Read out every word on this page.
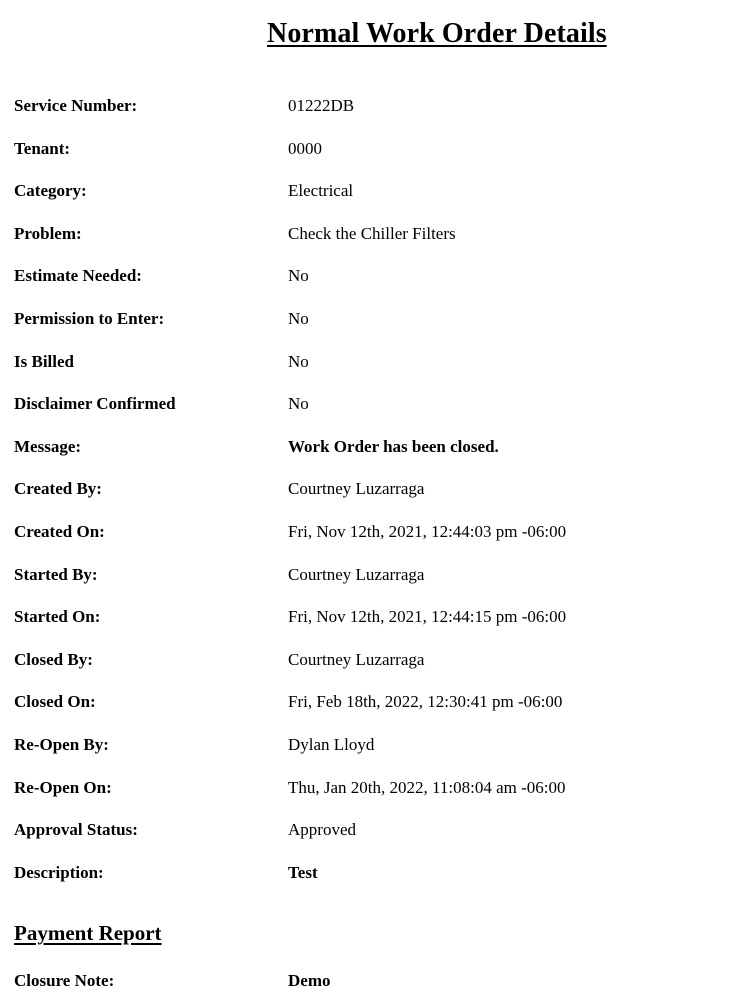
Normal Work Order Details
Service Number:	01222DB
Tenant:	0000
Category:	Electrical
Problem:	Check the Chiller Filters
Estimate Needed:	No
Permission to Enter:	No
Is Billed	No
Disclaimer Confirmed	No
Message:	Work Order has been closed.
Created By:	Courtney Luzarraga
Created On:	Fri, Nov 12th, 2021, 12:44:03 pm -06:00
Started By:	Courtney Luzarraga
Started On:	Fri, Nov 12th, 2021, 12:44:15 pm -06:00
Closed By:	Courtney Luzarraga
Closed On:	Fri, Feb 18th, 2022, 12:30:41 pm -06:00
Re-Open By:	Dylan Lloyd
Re-Open On:	Thu, Jan 20th, 2022, 11:08:04 am -06:00
Approval Status:	Approved
Description:	Test
Payment Report
Closure Note:	Demo
